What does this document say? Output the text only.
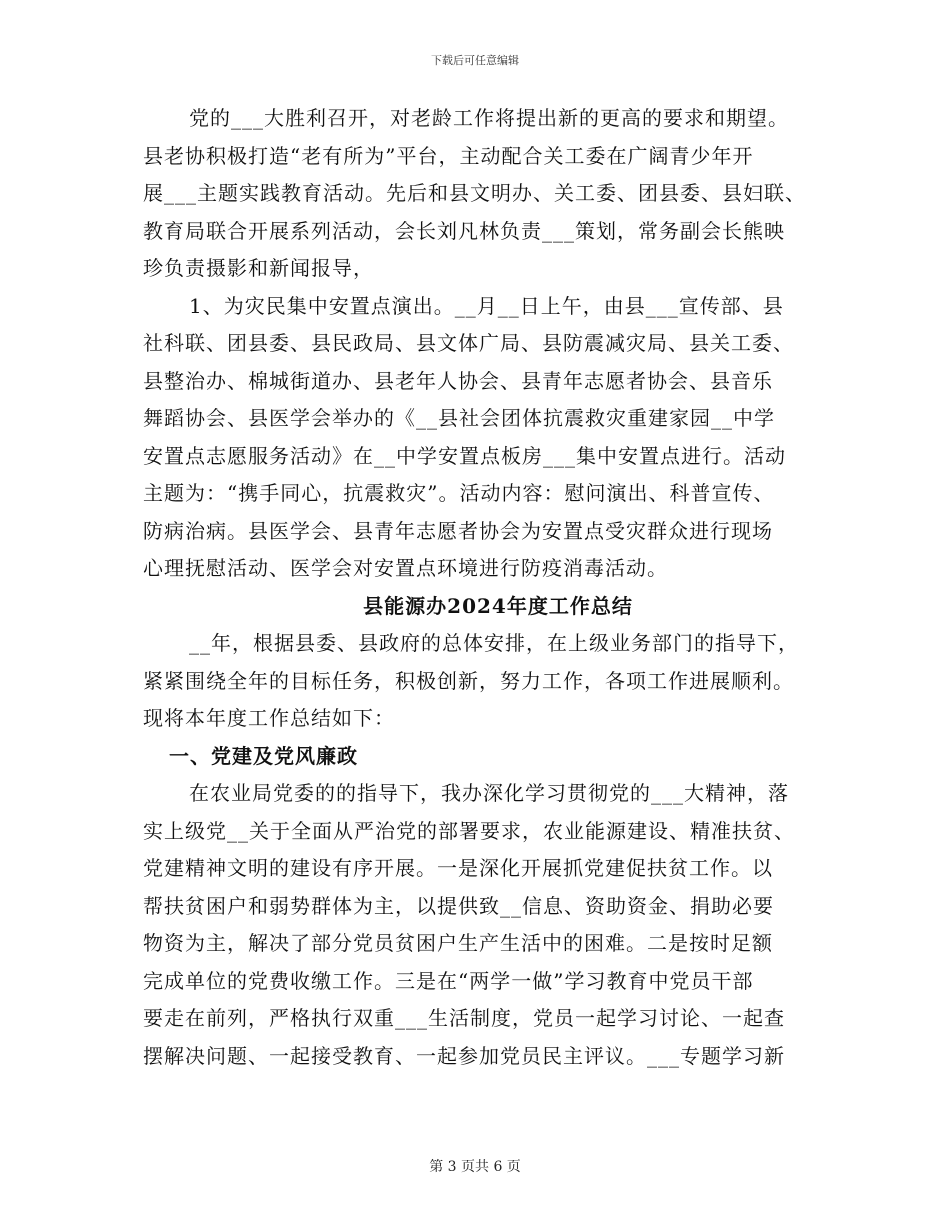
下载后可任意编辑
党的___大胜利召开，对老龄工作将提出新的更高的要求和期望。
县老协积极打造“老有所为”平台，主动配合关工委在广阔青少年开
展___主题实践教育活动。先后和县文明办、关工委、团县委、县妇联、
教育局联合开展系列活动，会长刘凡林负责___策划，常务副会长熊映
珍负责摄影和新闻报导，
1、为灾民集中安置点演出。__月__日上午，由县___宣传部、县
社科联、团县委、县民政局、县文体广局、县防震减灾局、县关工委、
县整治办、棉城街道办、县老年人协会、县青年志愿者协会、县音乐
舞蹈协会、县医学会举办的《__县社会团体抗震救灾重建家园__中学
安置点志愿服务活动》在__中学安置点板房___集中安置点进行。活动
主题为：“携手同心，抗震救灾”。活动内容：慰问演出、科普宣传、
防病治病。县医学会、县青年志愿者协会为安置点受灾群众进行现场
心理抚慰活动、医学会对安置点环境进行防疫消毒活动。
县能源办2024年度工作总结
__年，根据县委、县政府的总体安排，在上级业务部门的指导下，
紧紧围绕全年的目标任务，积极创新，努力工作，各项工作进展顺利。
现将本年度工作总结如下：
一、党建及党风廉政
在农业局党委的的指导下，我办深化学习贯彻党的___大精神，落
实上级党__关于全面从严治党的部署要求，农业能源建设、精准扶贫、
党建精神文明的建设有序开展。一是深化开展抓党建促扶贫工作。以
帮扶贫困户和弱势群体为主，以提供致__信息、资助资金、捐助必要
物资为主，解决了部分党员贫困户生产生活中的困难。二是按时足额
完成单位的党费收缴工作。三是在“两学一做”学习教育中党员干部
要走在前列，严格执行双重___生活制度，党员一起学习讨论、一起查
摆解决问题、一起接受教育、一起参加党员民主评议。___专题学习新
第 3 页共 6 页
